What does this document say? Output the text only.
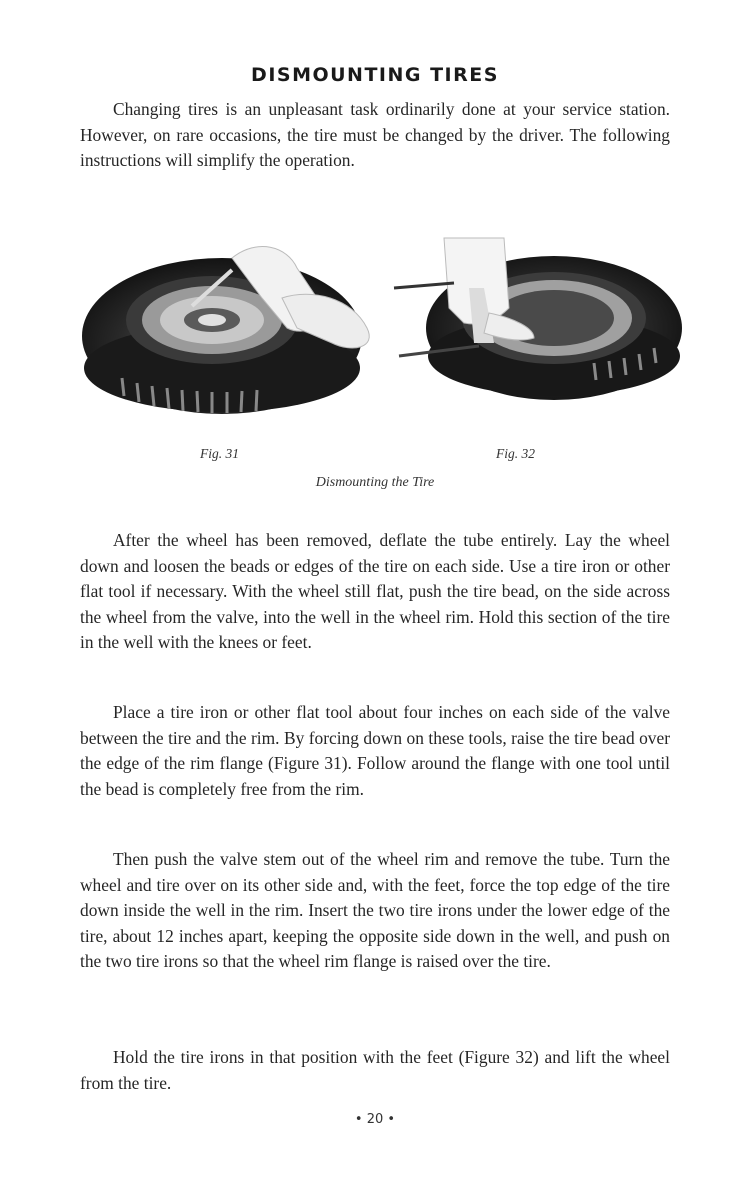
DISMOUNTING TIRES

Changing tires is an unpleasant task ordinarily done at your service station. However, on rare occasions, the tire must be changed by the driver. The following instructions will simplify the operation.

Fig. 31	Fig. 32
Dismounting the Tire

After the wheel has been removed, deflate the tube entirely. Lay the wheel down and loosen the beads or edges of the tire on each side. Use a tire iron or other flat tool if necessary. With the wheel still flat, push the tire bead, on the side across the wheel from the valve, into the well in the wheel rim. Hold this section of the tire in the well with the knees or feet.

Place a tire iron or other flat tool about four inches on each side of the valve between the tire and the rim. By forcing down on these tools, raise the tire bead over the edge of the rim flange (Figure 31). Follow around the flange with one tool until the bead is completely free from the rim.

Then push the valve stem out of the wheel rim and remove the tube. Turn the wheel and tire over on its other side and, with the feet, force the top edge of the tire down inside the well in the rim. Insert the two tire irons under the lower edge of the tire, about 12 inches apart, keeping the opposite side down in the well, and push on the two tire irons so that the wheel rim flange is raised over the tire.

Hold the tire irons in that position with the feet (Figure 32) and lift the wheel from the tire.

• 20 •
